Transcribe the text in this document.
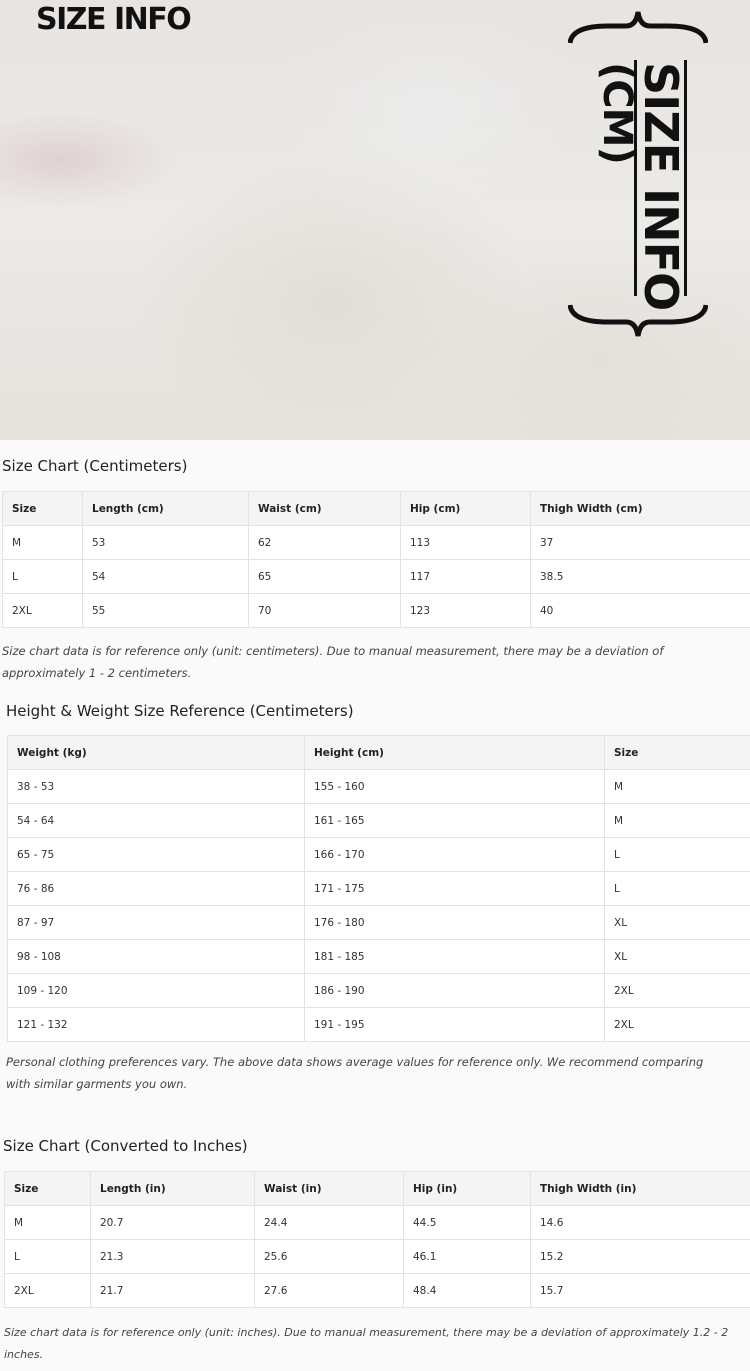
SIZE INFO
SIZE INFO
(CM)
Size Chart (Centimeters)
Size	Length (cm)	Waist (cm)	Hip (cm)	Thigh Width (cm)
M	53	62	113	37
L	54	65	117	38.5
2XL	55	70	123	40

Size chart data is for reference only (unit: centimeters). Due to manual measurement, there may be a deviation of approximately 1 - 2 centimeters.

Height & Weight Size Reference (Centimeters)
Weight (kg)	Height (cm)	Size
38 - 53	155 - 160	M
54 - 64	161 - 165	M
65 - 75	166 - 170	L
76 - 86	171 - 175	L
87 - 97	176 - 180	XL
98 - 108	181 - 185	XL
109 - 120	186 - 190	2XL
121 - 132	191 - 195	2XL

Personal clothing preferences vary. The above data shows average values for reference only. We recommend comparing with similar garments you own.

Size Chart (Converted to Inches)
Size	Length (in)	Waist (in)	Hip (in)	Thigh Width (in)
M	20.7	24.4	44.5	14.6
L	21.3	25.6	46.1	15.2
2XL	21.7	27.6	48.4	15.7

Size chart data is for reference only (unit: inches). Due to manual measurement, there may be a deviation of approximately 1.2 - 2 inches.
